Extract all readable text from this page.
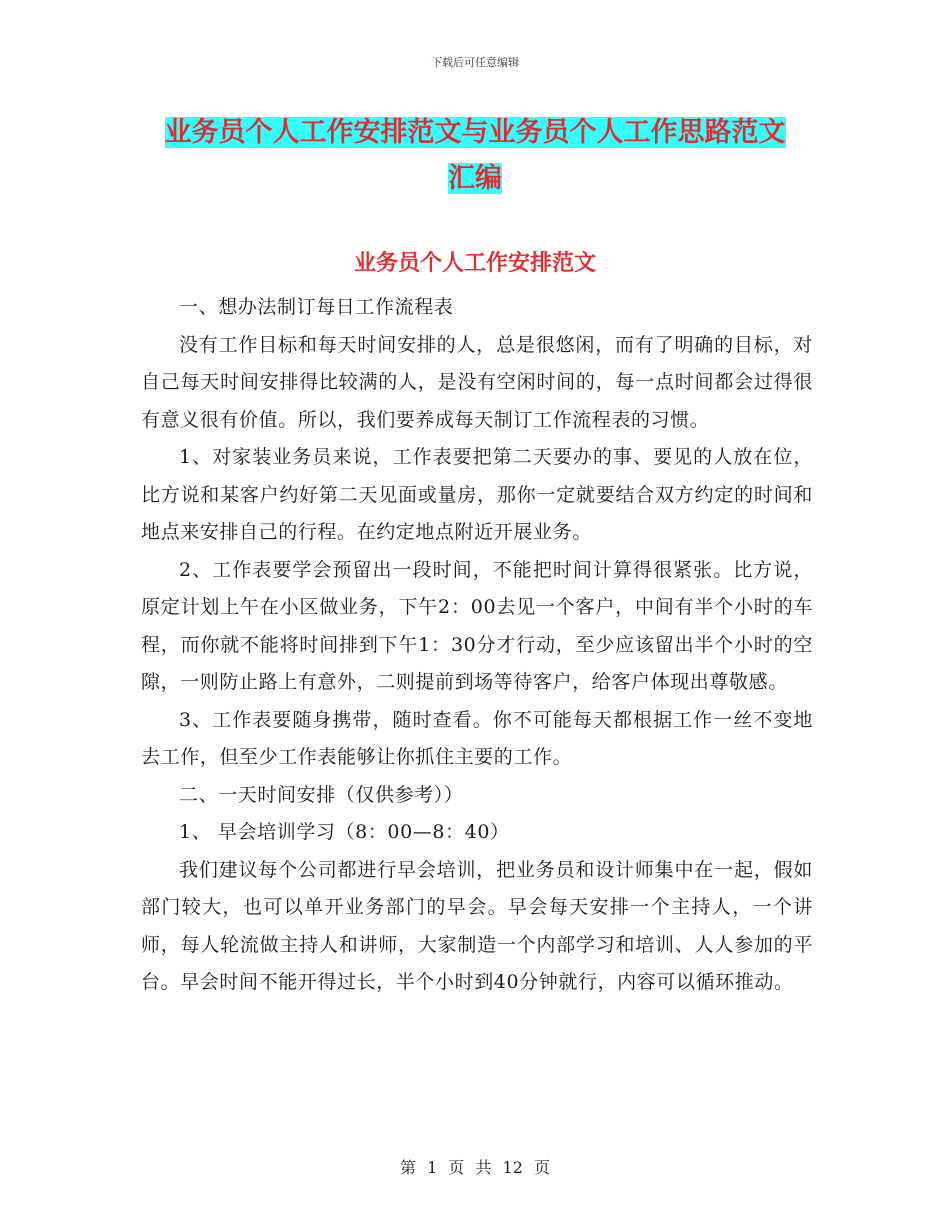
下载后可任意编辑
业务员个人工作安排范文与业务员个人工作思路范文
汇编
业务员个人工作安排范文

一、想办法制订每日工作流程表

没有工作目标和每天时间安排的人，总是很悠闲，而有了明确的目标，对自己每天时间安排得比较满的人，是没有空闲时间的，每一点时间都会过得很有意义很有价值。所以，我们要养成每天制订工作流程表的习惯。

1、对家装业务员来说，工作表要把第二天要办的事、要见的人放在位，比方说和某客户约好第二天见面或量房，那你一定就要结合双方约定的时间和地点来安排自己的行程。在约定地点附近开展业务。

2、工作表要学会预留出一段时间，不能把时间计算得很紧张。比方说，原定计划上午在小区做业务，下午2：00去见一个客户，中间有半个小时的车程，而你就不能将时间排到下午1：30分才行动，至少应该留出半个小时的空隙，一则防止路上有意外，二则提前到场等待客户，给客户体现出尊敬感。

3、工作表要随身携带，随时查看。你不可能每天都根据工作一丝不变地去工作，但至少工作表能够让你抓住主要的工作。

二、一天时间安排（仅供参考））

1、 早会培训学习（8：00—8：40）

我们建议每个公司都进行早会培训，把业务员和设计师集中在一起，假如部门较大，也可以单开业务部门的早会。早会每天安排一个主持人，一个讲师，每人轮流做主持人和讲师，大家制造一个内部学习和培训、人人参加的平台。早会时间不能开得过长，半个小时到40分钟就行，内容可以循环推动。

第 1 页 共 12 页
